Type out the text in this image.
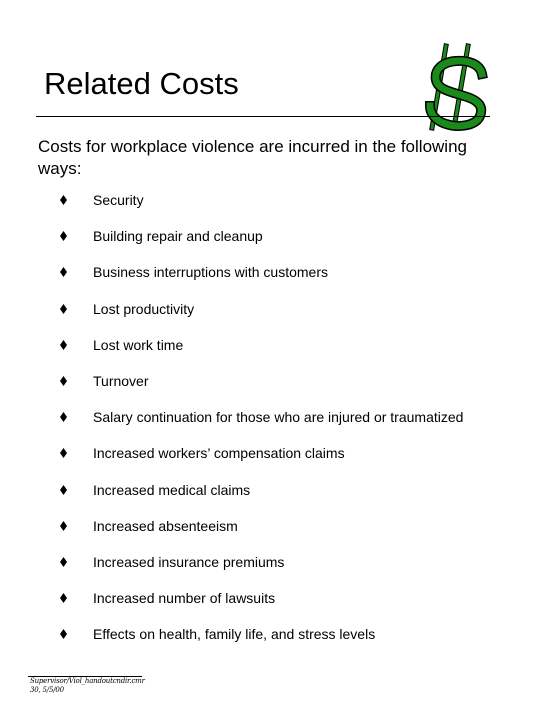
Related Costs

Costs for workplace violence are incurred in the following ways:

Security
Building repair and cleanup
Business interruptions with customers
Lost productivity
Lost work time
Turnover
Salary continuation for those who are injured or traumatized
Increased workers’ compensation claims
Increased medical claims
Increased absenteeism
Increased insurance premiums
Increased number of lawsuits
Effects on health, family life, and stress levels
Supervisor/Viol_handoutcndir.cmr
30, 5/5/00
